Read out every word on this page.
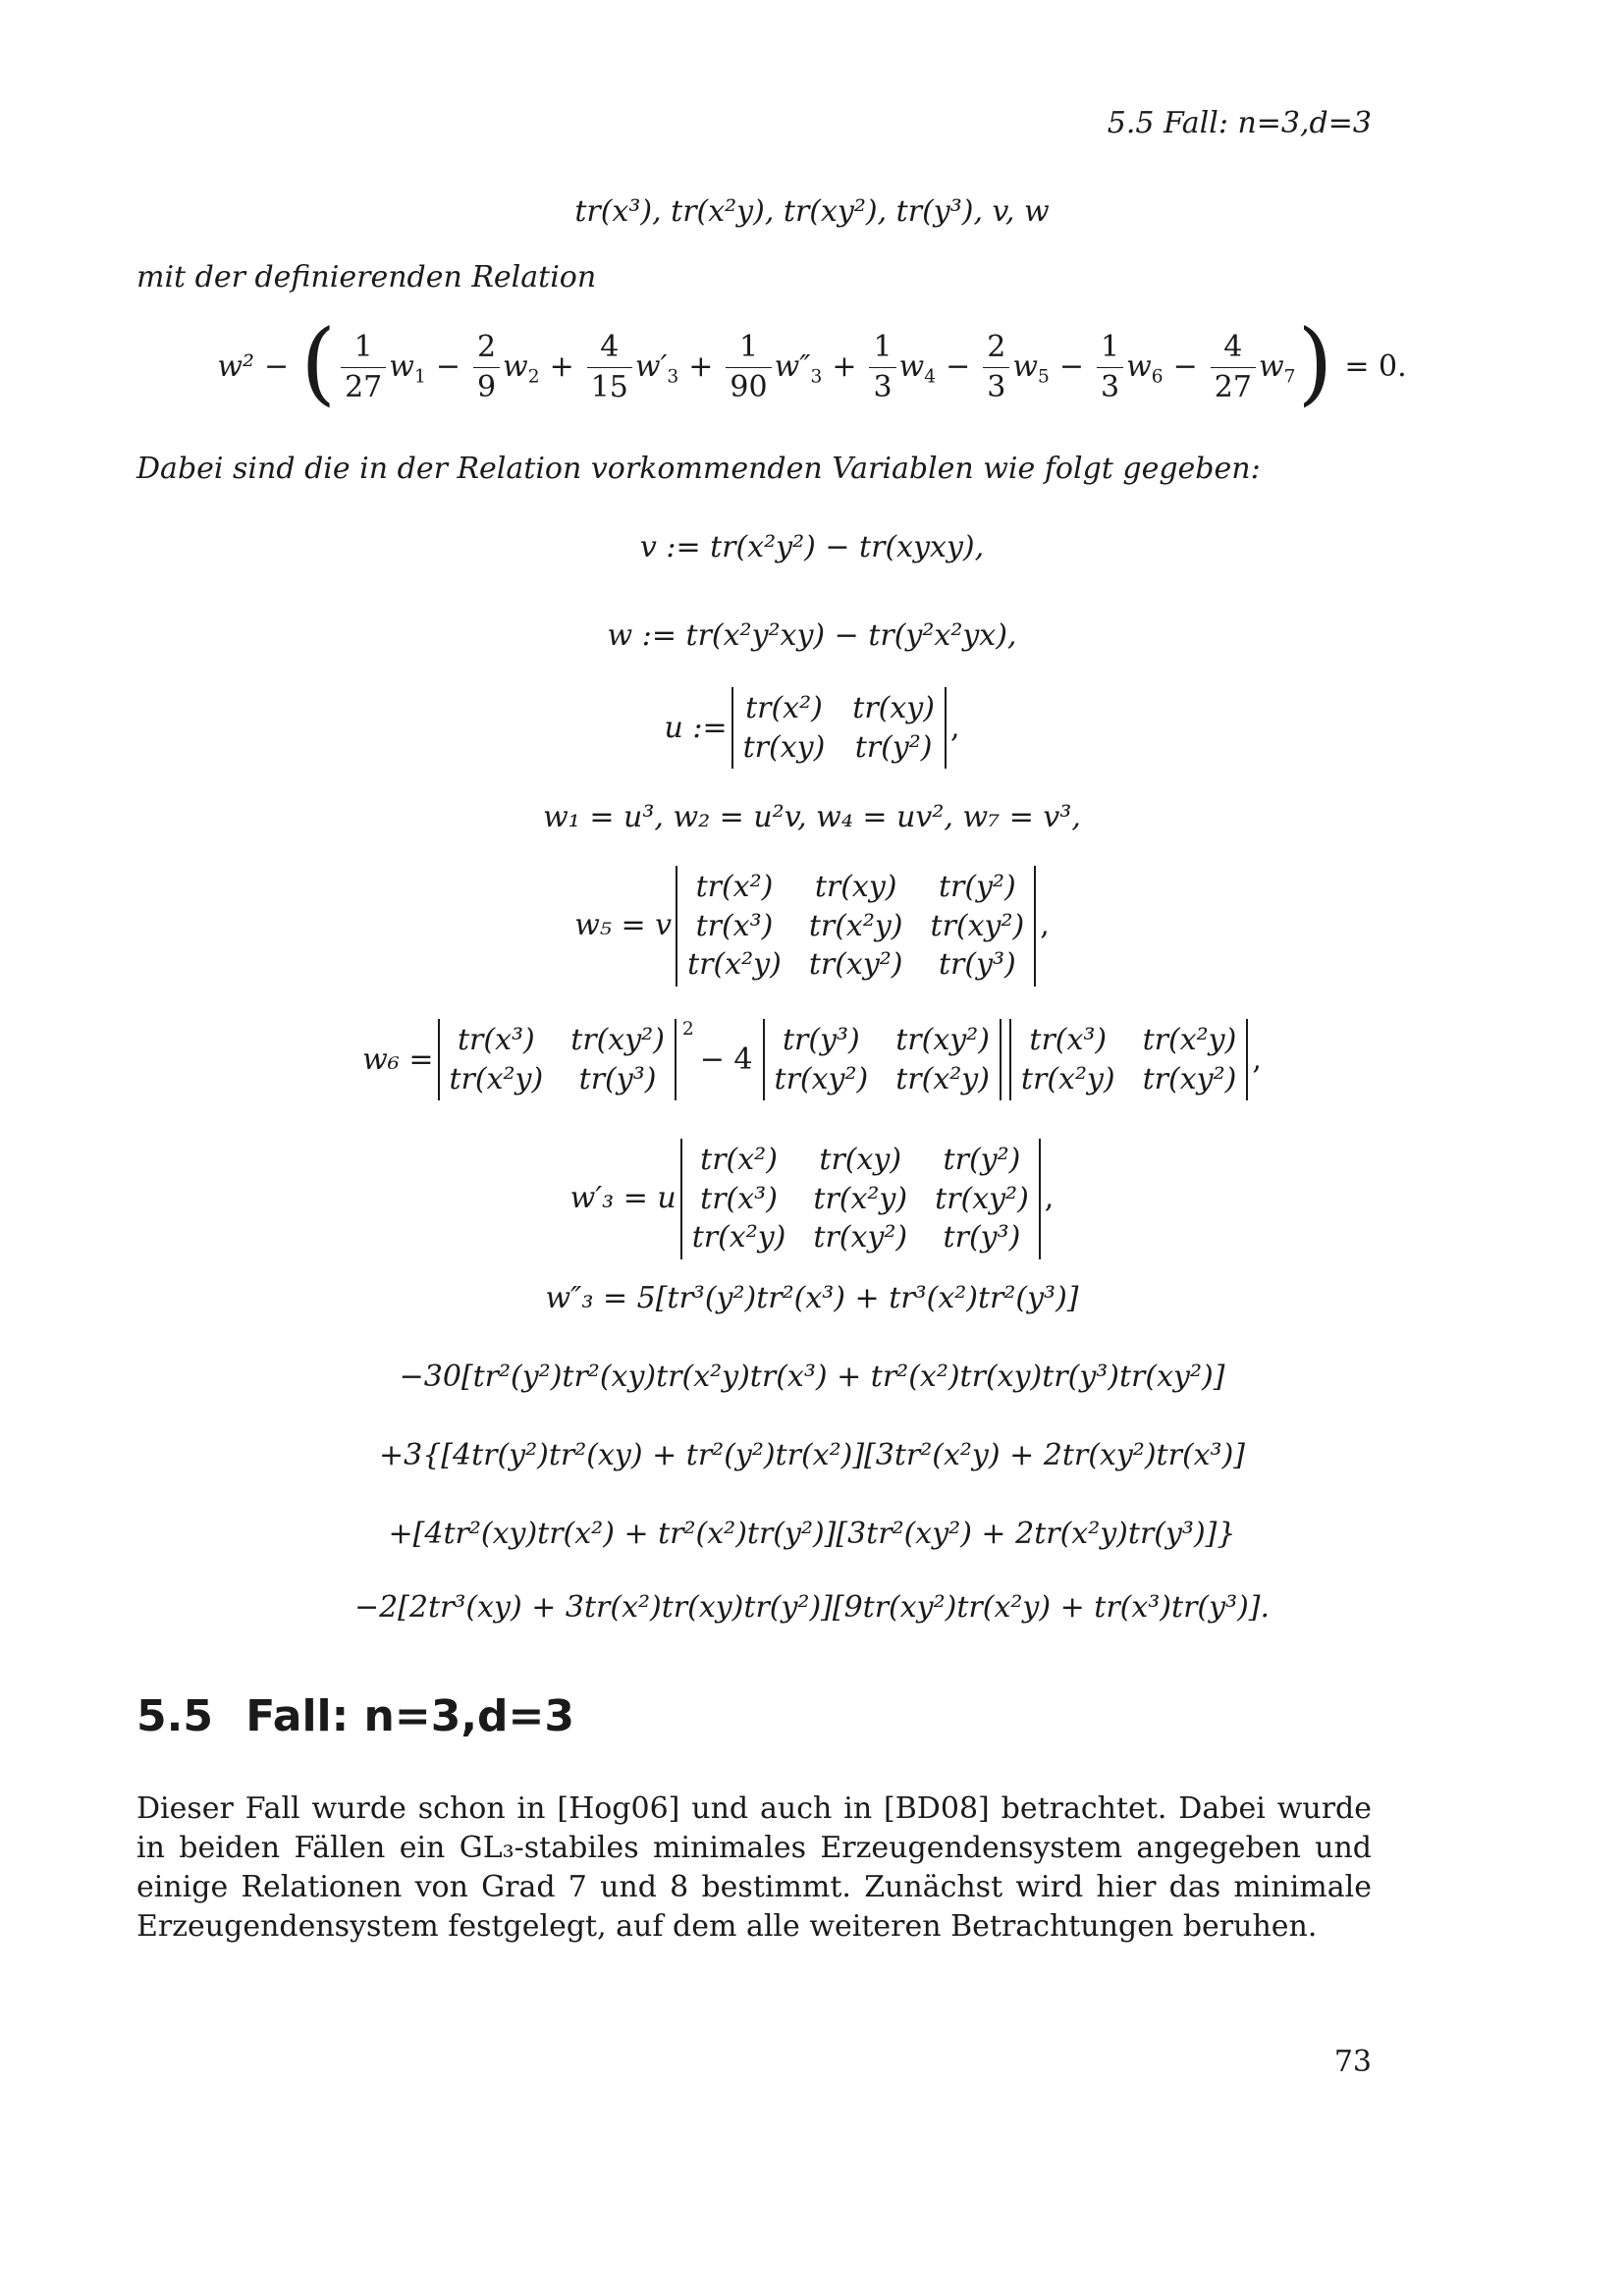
5.5 Fall: n=3,d=3
tr(x³), tr(x²y), tr(xy²), tr(y³), v, w
mit der definierenden Relation
w² − ( $\frac{1}{27} w_1 - \frac{2}{9} w_2 + \frac{4}{15} w'_3 + \frac{1}{90} w''_3 + \frac{1}{3} w_4 - \frac{2}{3} w_5 - \frac{1}{3} w_6 - \frac{4}{27} w_7$ ) = 0.
Dabei sind die in der Relation vorkommenden Variablen wie folgt gegeben:
v := tr(x²y²) − tr(xyxy),
w := tr(x²y²xy) − tr(y²x²yx),
u :=
tr(x²)	tr(xy)
tr(xy)	tr(y²)
,
w₁ = u³, w₂ = u²v, w₄ = uv², w₇ = v³,
w₅ = v
tr(x²)	tr(xy)	tr(y²)
tr(x³)	tr(x²y)	tr(xy²)
tr(x²y)	tr(xy²)	tr(y³)
,
w₆ =
tr(x³)	tr(xy²)
tr(x²y)	tr(y³)
2
− 4
tr(y³)	tr(xy²)
tr(xy²)	tr(x²y)
tr(x³)	tr(x²y)
tr(x²y)	tr(xy²)
,
w′₃ = u
tr(x²)	tr(xy)	tr(y²)
tr(x³)	tr(x²y)	tr(xy²)
tr(x²y)	tr(xy²)	tr(y³)
,
w″₃ = 5[tr³(y²)tr²(x³) + tr³(x²)tr²(y³)]
−30[tr²(y²)tr²(xy)tr(x²y)tr(x³) + tr²(x²)tr(xy)tr(y³)tr(xy²)]
+3{[4tr(y²)tr²(xy) + tr²(y²)tr(x²)][3tr²(x²y) + 2tr(xy²)tr(x³)]
+[4tr²(xy)tr(x²) + tr²(x²)tr(y²)][3tr²(xy²) + 2tr(x²y)tr(y³)]}
−2[2tr³(xy) + 3tr(x²)tr(xy)tr(y²)][9tr(xy²)tr(x²y) + tr(x³)tr(y³)].
5.5 Fall: n=3,d=3
Dieser Fall wurde schon in [Hog06] und auch in [BD08] betrachtet. Dabei wurde in beiden Fällen ein GL₃-stabiles minimales Erzeugendensystem angegeben und einige Relationen von Grad 7 und 8 bestimmt. Zunächst wird hier das minimale Erzeugendensystem festgelegt, auf dem alle weiteren Betrachtungen beruhen.
73
